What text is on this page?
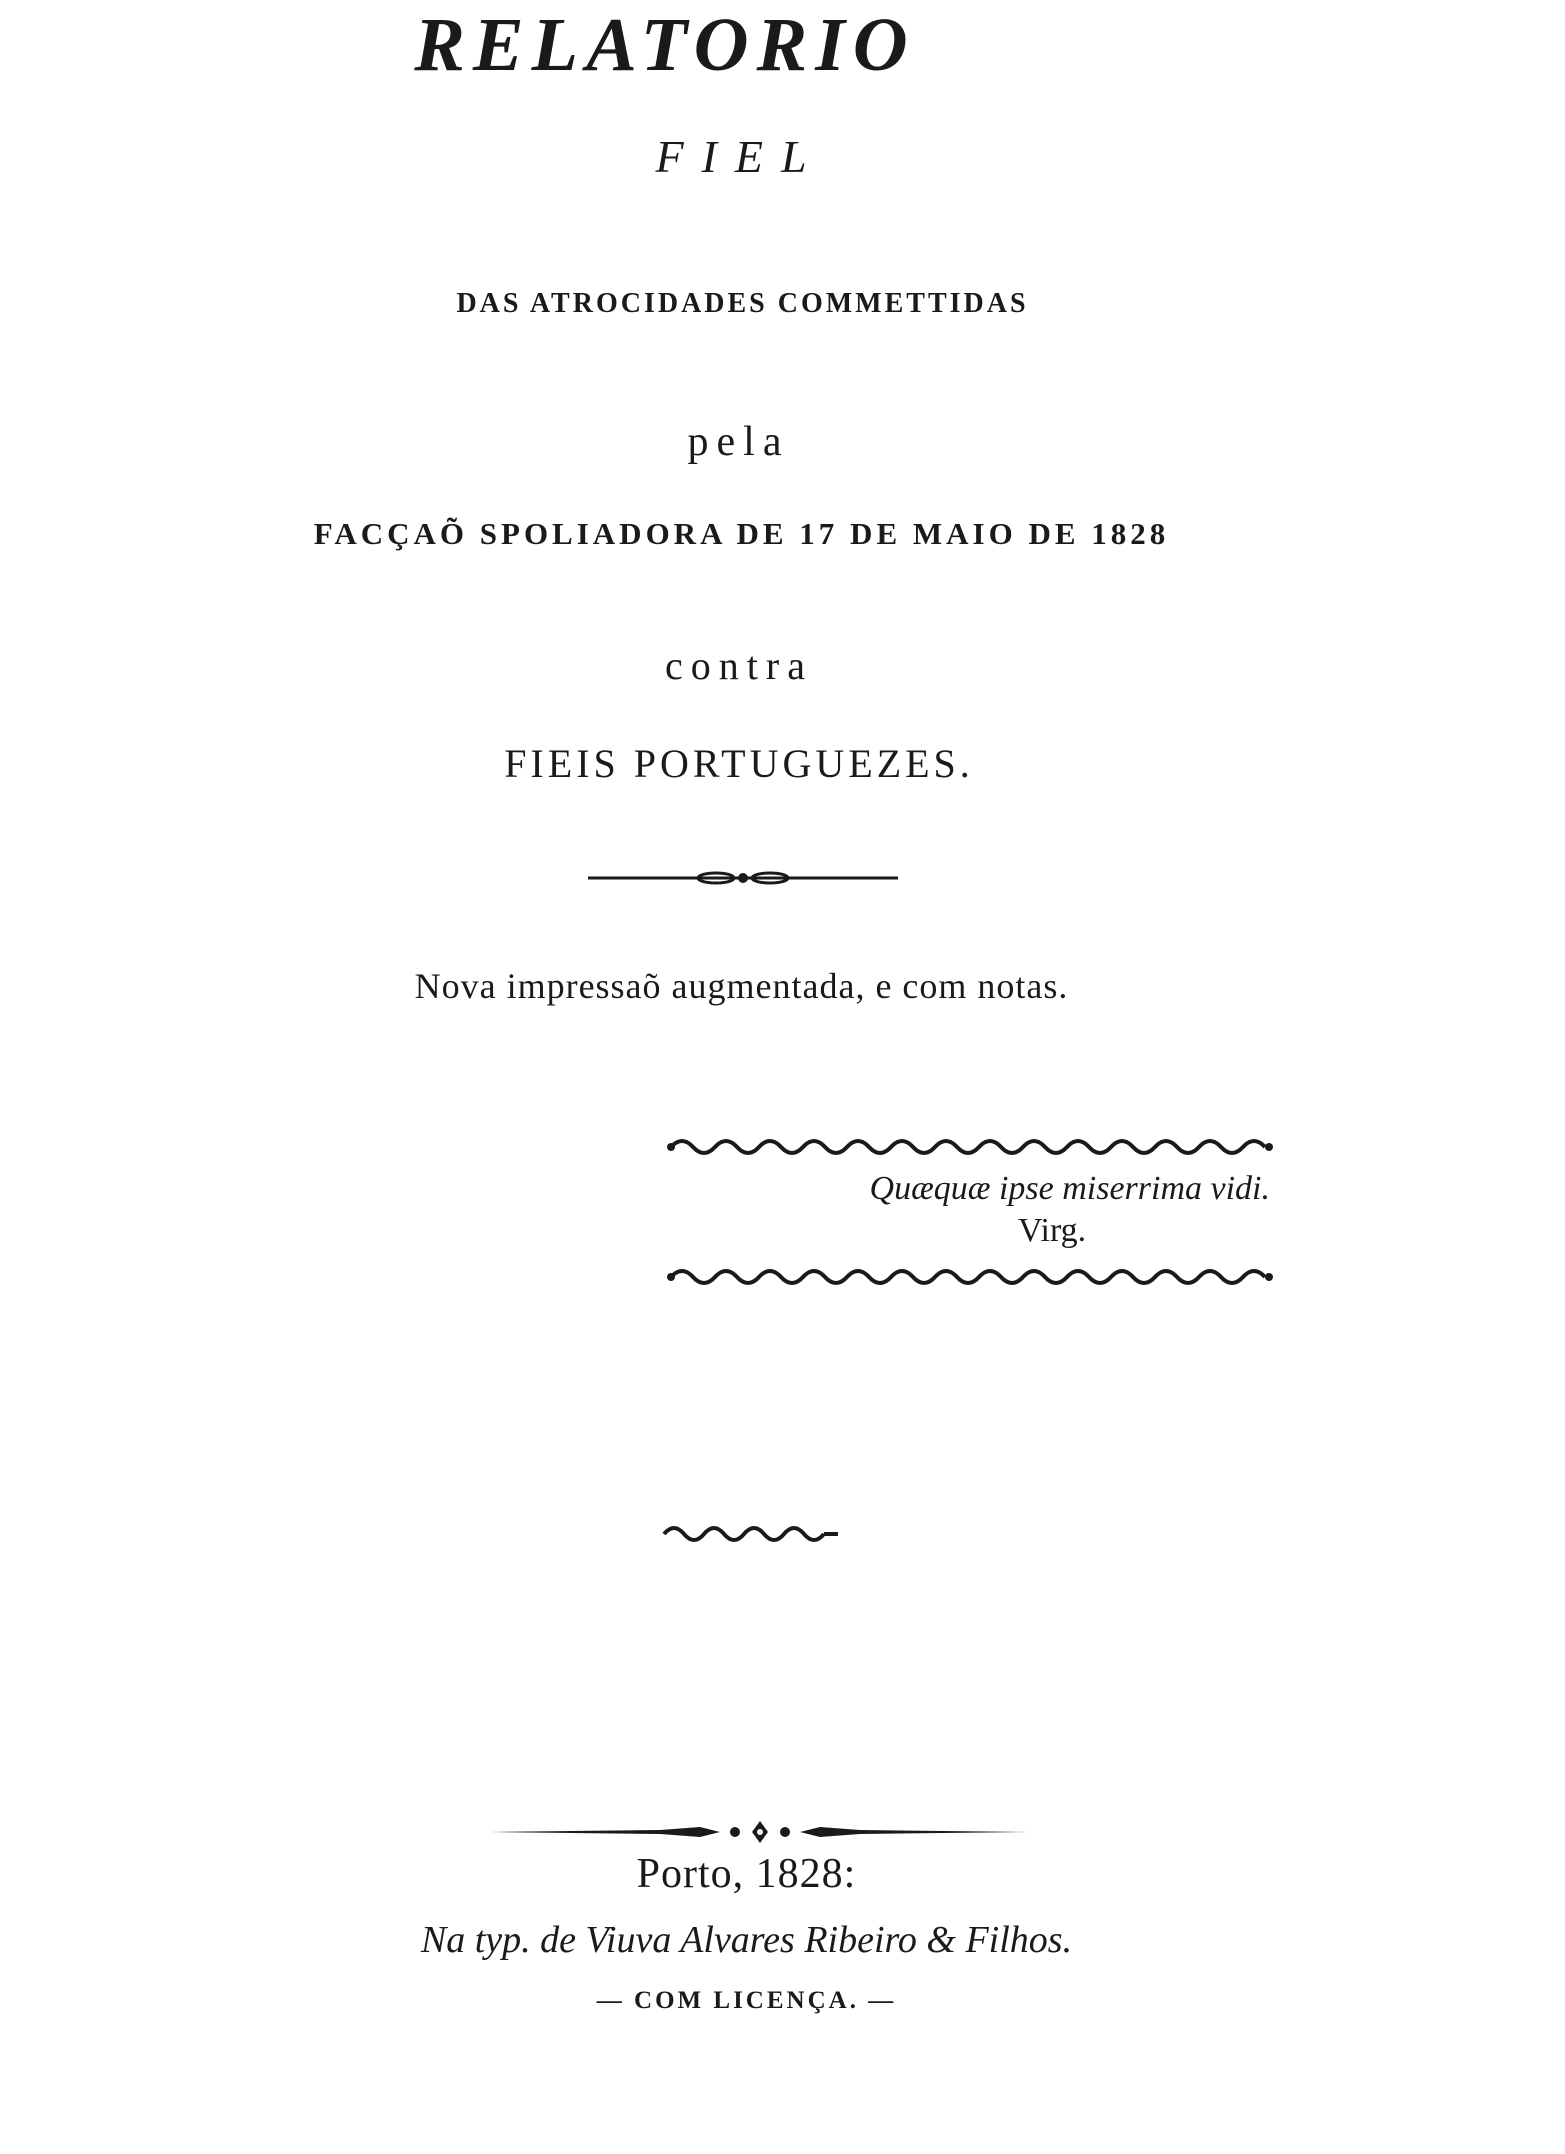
RELATORIO
FIEL
DAS ATROCIDADES COMMETTIDAS
pela
FACÇAÕ SPOLIADORA DE 17 DE MAIO DE 1828
contra
FIEIS PORTUGUEZES.
Nova impressaõ augmentada, e com notas.
Quæquæ ipse miserrima vidi.
Virg.
Porto, 1828:
Na typ. de Viuva Alvares Ribeiro & Filhos.
— COM LICENÇA. —
